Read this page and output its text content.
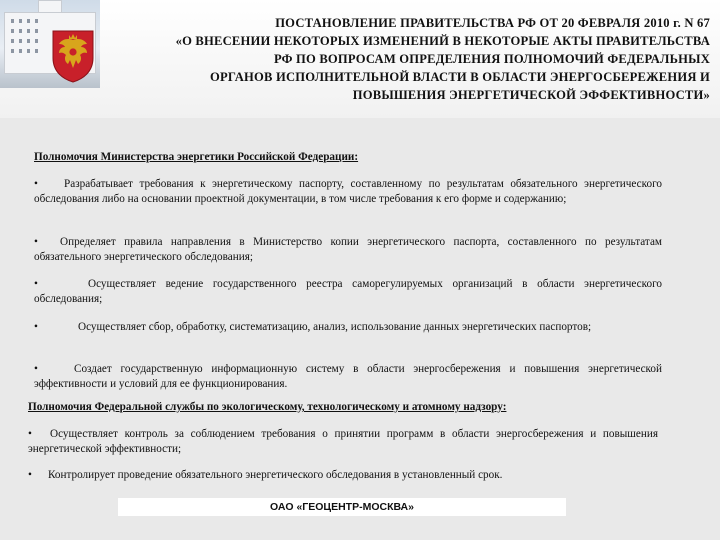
ПОСТАНОВЛЕНИЕ ПРАВИТЕЛЬСТВА РФ ОТ 20 ФЕВРАЛЯ 2010 г. N 67
«О ВНЕСЕНИИ НЕКОТОРЫХ ИЗМЕНЕНИЙ В НЕКОТОРЫЕ АКТЫ ПРАВИТЕЛЬСТВА
РФ ПО ВОПРОСАМ ОПРЕДЕЛЕНИЯ ПОЛНОМОЧИЙ ФЕДЕРАЛЬНЫХ
ОРГАНОВ ИСПОЛНИТЕЛЬНОЙ ВЛАСТИ В ОБЛАСТИ ЭНЕРГОСБЕРЕЖЕНИЯ И
ПОВЫШЕНИЯ ЭНЕРГЕТИЧЕСКОЙ ЭФФЕКТИВНОСТИ»
Полномочия Министерства энергетики Российской Федерации:

• Разрабатывает требования к энергетическому паспорту, составленному по результатам обязательного энергетического обследования либо на основании проектной документации, в том числе требования к его форме и содержанию;

• Определяет правила направления в Министерство копии энергетического паспорта, составленного по результатам обязательного энергетического обследования;

•	Осуществляет ведение государственного реестра саморегулируемых организаций в области энергетического обследования;

•	Осуществляет сбор, обработку, систематизацию, анализ, использование данных энергетических паспортов;

•	Создает государственную информационную систему в области энергосбережения и повышения энергетической эффективности и условий для ее функционирования.

Полномочия Федеральной службы по экологическому, технологическому и атомному надзору:

• Осуществляет контроль за соблюдением требования о принятии программ в области энергосбережения и повышения энергетической эффективности;

• Контролирует проведение обязательного энергетического обследования в установленный срок.

ОАО «ГЕОЦЕНТР-МОСКВА»
